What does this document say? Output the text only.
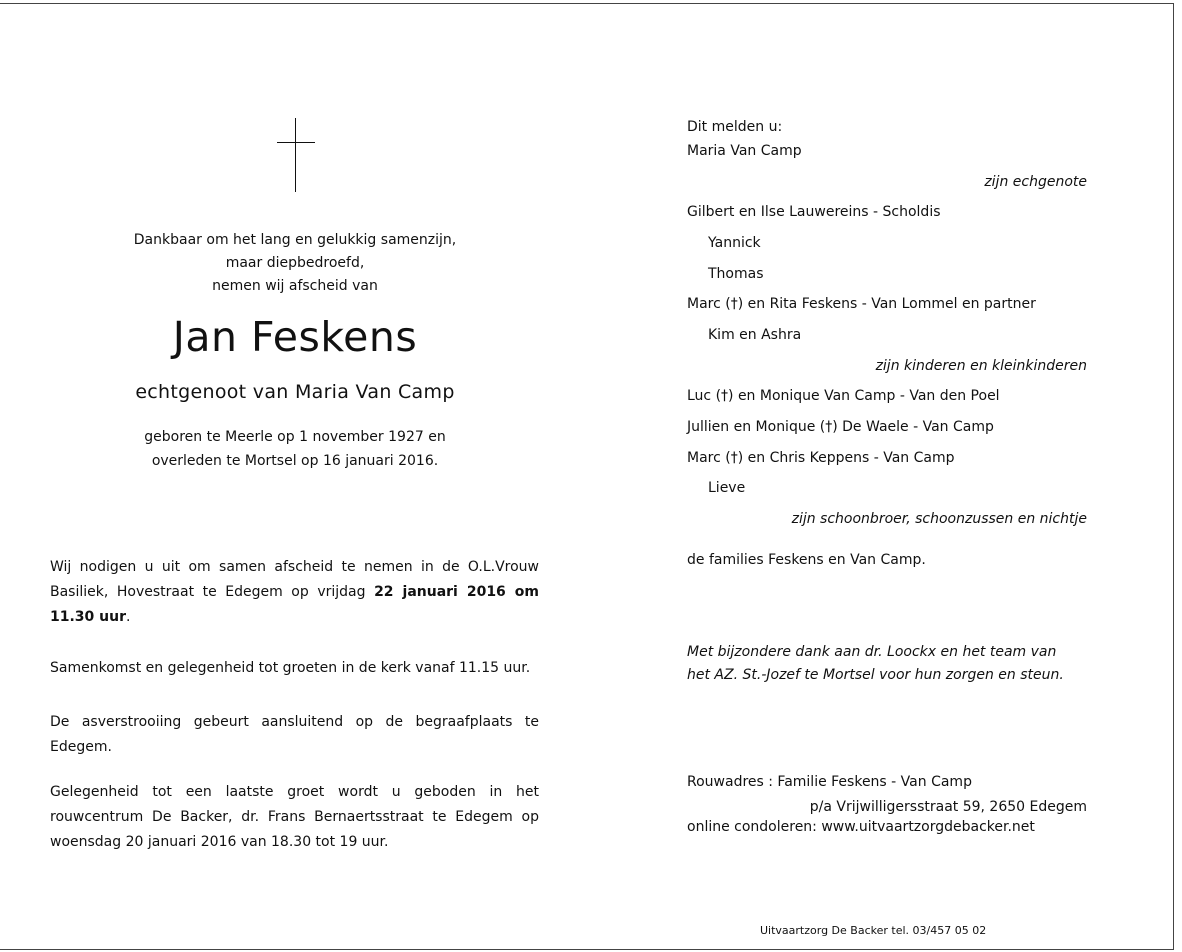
Dankbaar om het lang en gelukkig samenzijn,
maar diepbedroefd,
nemen wij afscheid van
Jan Feskens
echtgenoot van Maria Van Camp
geboren te Meerle op 1 november 1927 en
overleden te Mortsel op 16 januari 2016.
Wij nodigen u uit om samen afscheid te nemen in de O.L.Vrouw Basiliek, Hovestraat te Edegem op vrijdag 22 januari 2016 om 11.30 uur.
Samenkomst en gelegenheid tot groeten in de kerk vanaf 11.15 uur.
De asverstrooiing gebeurt aansluitend op de begraafplaats te Edegem.
Gelegenheid tot een laatste groet wordt u geboden in het rouwcentrum De Backer, dr. Frans Bernaertsstraat te Edegem op woensdag 20 januari 2016 van 18.30 tot 19 uur.
Dit melden u:
Maria Van Camp
zijn echgenote
Gilbert en Ilse Lauwereins - Scholdis
Yannick
Thomas
Marc (†) en Rita Feskens - Van Lommel en partner
Kim en Ashra
zijn kinderen en kleinkinderen
Luc (†) en Monique Van Camp - Van den Poel
Jullien en Monique (†) De Waele - Van Camp
Marc (†) en Chris Keppens - Van Camp
Lieve
zijn schoonbroer, schoonzussen en nichtje
de families Feskens en Van Camp.
Met bijzondere dank aan dr. Loockx en het team van
het AZ. St.-Jozef te Mortsel voor hun zorgen en steun.
Rouwadres : Familie Feskens - Van Camp
p/a Vrijwilligersstraat 59, 2650 Edegem
online condoleren: www.uitvaartzorgdebacker.net
Uitvaartzorg De Backer tel. 03/457 05 02
